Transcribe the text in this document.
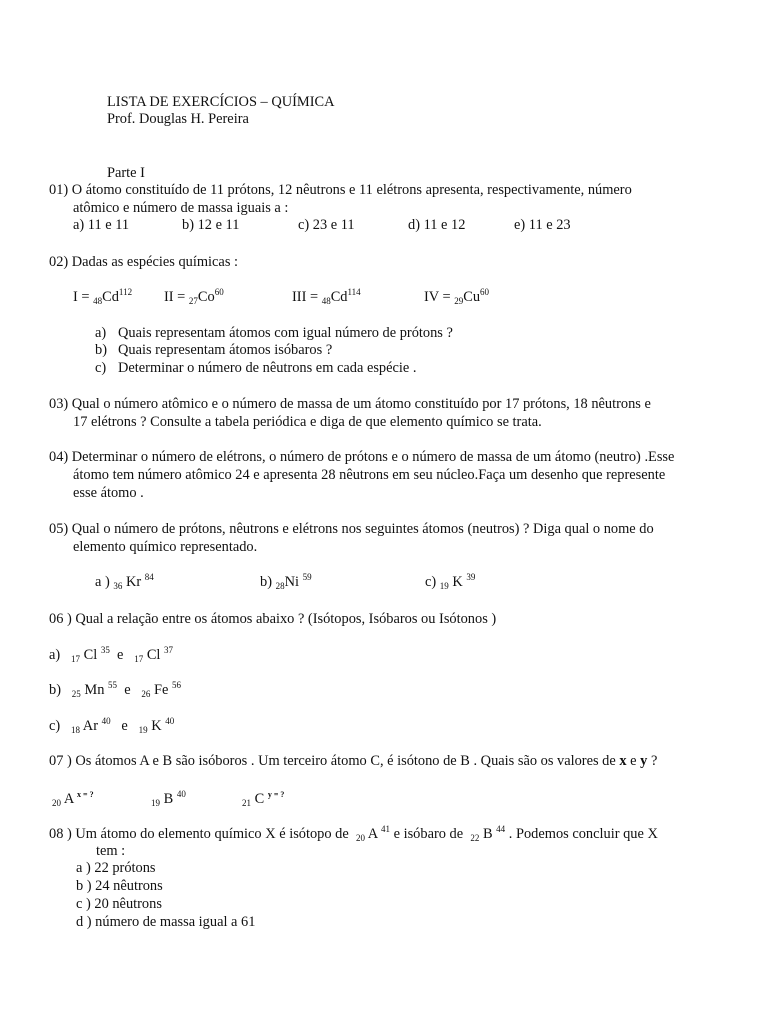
LISTA DE EXERCÍCIOS – QUÍMICA
Prof. Douglas H. Pereira
Parte I
01) O átomo constituído de 11 prótons, 12 nêutrons e 11 elétrons apresenta, respectivamente, número
atômico e número de massa iguais a :
a) 11 e 11	b) 12 e 11	c) 23 e 11	d) 11 e 12	e) 11 e 23
02) Dadas as espécies químicas :
$I = _{48}Cd^{112}$ II = $_{27}Co^{60}$	III = $_{48}Cd^{114}$	IV = $_{29}Cu^{60}$
a) Quais representam átomos com igual número de prótons ?
b) Quais representam átomos isóbaros ?
c) Determinar o número de nêutrons em cada espécie .
03) Qual o número atômico e o número de massa de um átomo constituído por 17 prótons, 18 nêutrons e
17 elétrons ? Consulte a tabela periódica e diga de que elemento químico se trata.
04) Determinar o número de elétrons, o número de prótons e o número de massa de um átomo (neutro) .Esse
átomo tem número atômico 24 e apresenta 28 nêutrons em seu núcleo.Faça um desenho que represente
esse átomo .
05) Qual o número de prótons, nêutrons e elétrons nos seguintes átomos (neutros) ? Diga qual o nome do
elemento químico representado.
a ) $_{36}$ Kr $^{84}$	b) $_{28}$Ni $^{59}$	c) $_{19}$ K $^{39}$
06 ) Qual a relação entre os átomos abaixo ? (Isótopos, Isóbaros ou Isótonos )
a) $_{17}$ Cl $^{35}$ e $_{17}$ Cl $^{37}$
b) $_{25}$ Mn $^{55}$ e $_{26}$ Fe $^{56}$
c) $_{18}$ Ar $^{40}$ e $_{19}$ K $^{40}$
07 ) Os átomos A e B são isóboros . Um terceiro átomo C, é isótono de B . Quais são os valores de x e y ?
$_{20}$ A $^{x = ?}$
$_{19}$ B $^{40}$
$_{21}$ C $^{y = ?}$
08 ) Um átomo do elemento químico X é isótopo de  $_{20}$ A $^{41}$ e isóbaro de  $_{22}$ B $^{44}$ . Podemos concluir que X
tem :
a ) 22 prótons
b ) 24 nêutrons
c ) 20 nêutrons
d ) número de massa igual a 61
